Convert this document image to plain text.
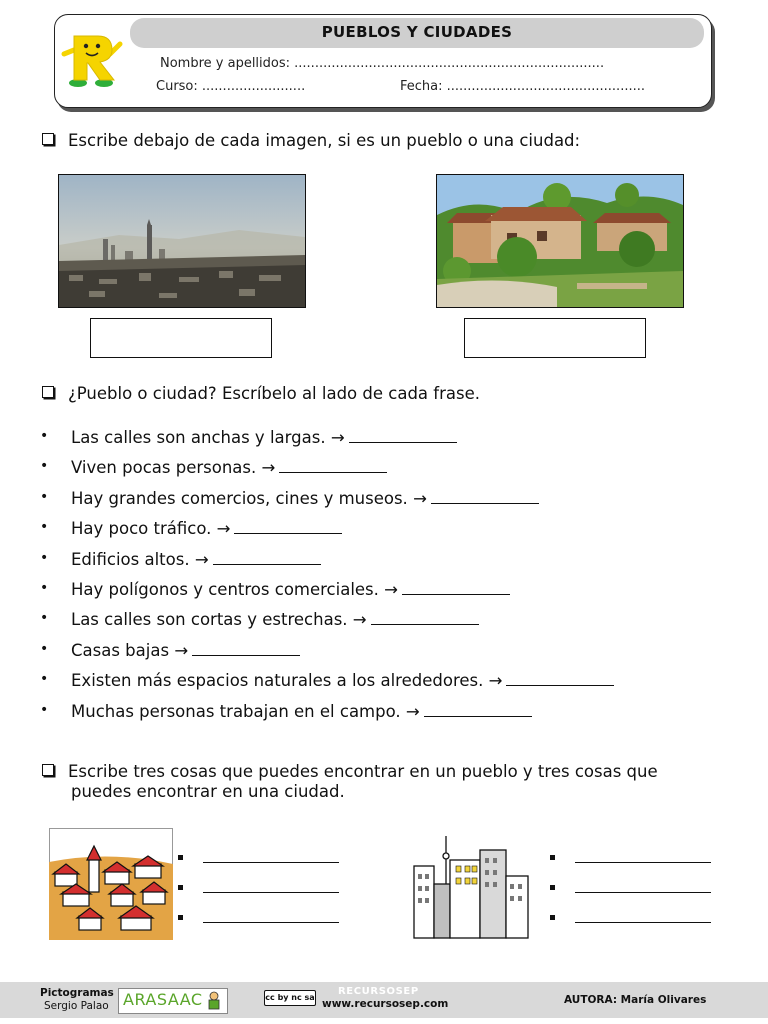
PUEBLOS Y CIUDADES
Nombre y apellidos: ...........................................................................
Curso: .........................	Fecha: ................................................
Escribe debajo de cada imagen, si es un pueblo o una ciudad:
¿Pueblo o ciudad? Escríbelo al lado de cada frase.
• Las calles son anchas y largas. →
• Viven pocas personas. →
• Hay grandes comercios, cines y museos. →
• Hay poco tráfico. →
• Edificios altos. →
• Hay polígonos y centros comerciales. →
• Las calles son cortas y estrechas. →
• Casas bajas →
• Existen más espacios naturales a los alrededores. →
• Muchas personas trabajan en el campo. →
Escribe tres cosas que puedes encontrar en un pueblo y tres cosas que
puedes encontrar en una ciudad.
Pictogramas
Sergio Palao ARASAAC	cc by nc sa
RECURSOSEP
www.recursosep.com	AUTORA: María Olivares
